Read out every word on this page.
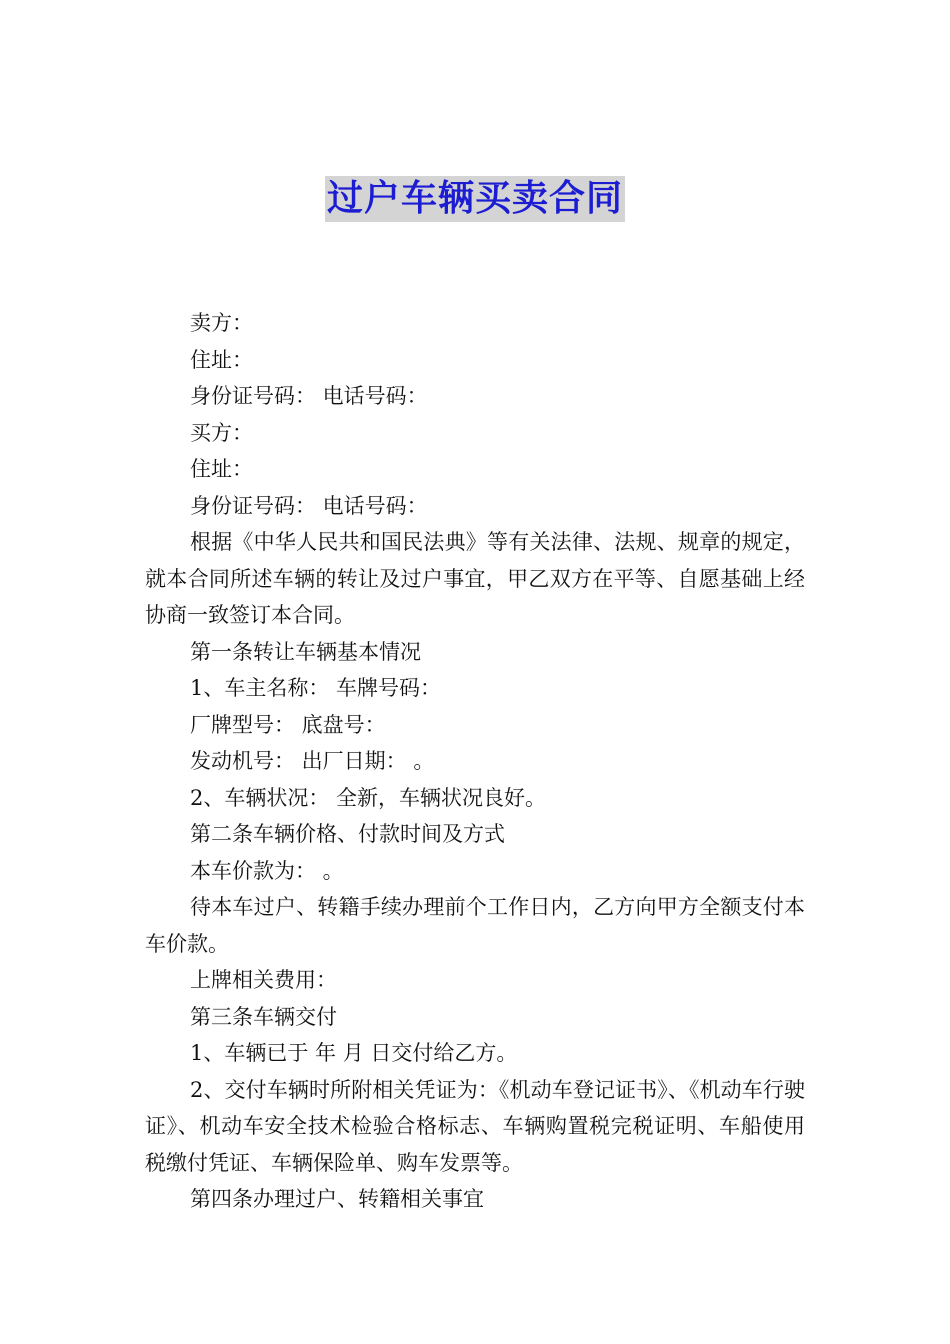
过户车辆买卖合同

卖方：

住址：

身份证号码： 电话号码：

买方：

住址：

身份证号码： 电话号码：

根据《中华人民共和国民法典》等有关法律、法规、规章的规定，就本合同所述车辆的转让及过户事宜，甲乙双方在平等、自愿基础上经协商一致签订本合同。

第一条转让车辆基本情况

1、车主名称： 车牌号码：

厂牌型号： 底盘号：

发动机号： 出厂日期： 。

2、车辆状况： 全新，车辆状况良好。

第二条车辆价格、付款时间及方式

本车价款为： 。

待本车过户、转籍手续办理前个工作日内，乙方向甲方全额支付本车价款。

上牌相关费用：

第三条车辆交付

1、车辆已于 年 月 日交付给乙方。

2、交付车辆时所附相关凭证为：《机动车登记证书》、《机动车行驶证》、机动车安全技术检验合格标志、车辆购置税完税证明、车船使用税缴付凭证、车辆保险单、购车发票等。

第四条办理过户、转籍相关事宜
